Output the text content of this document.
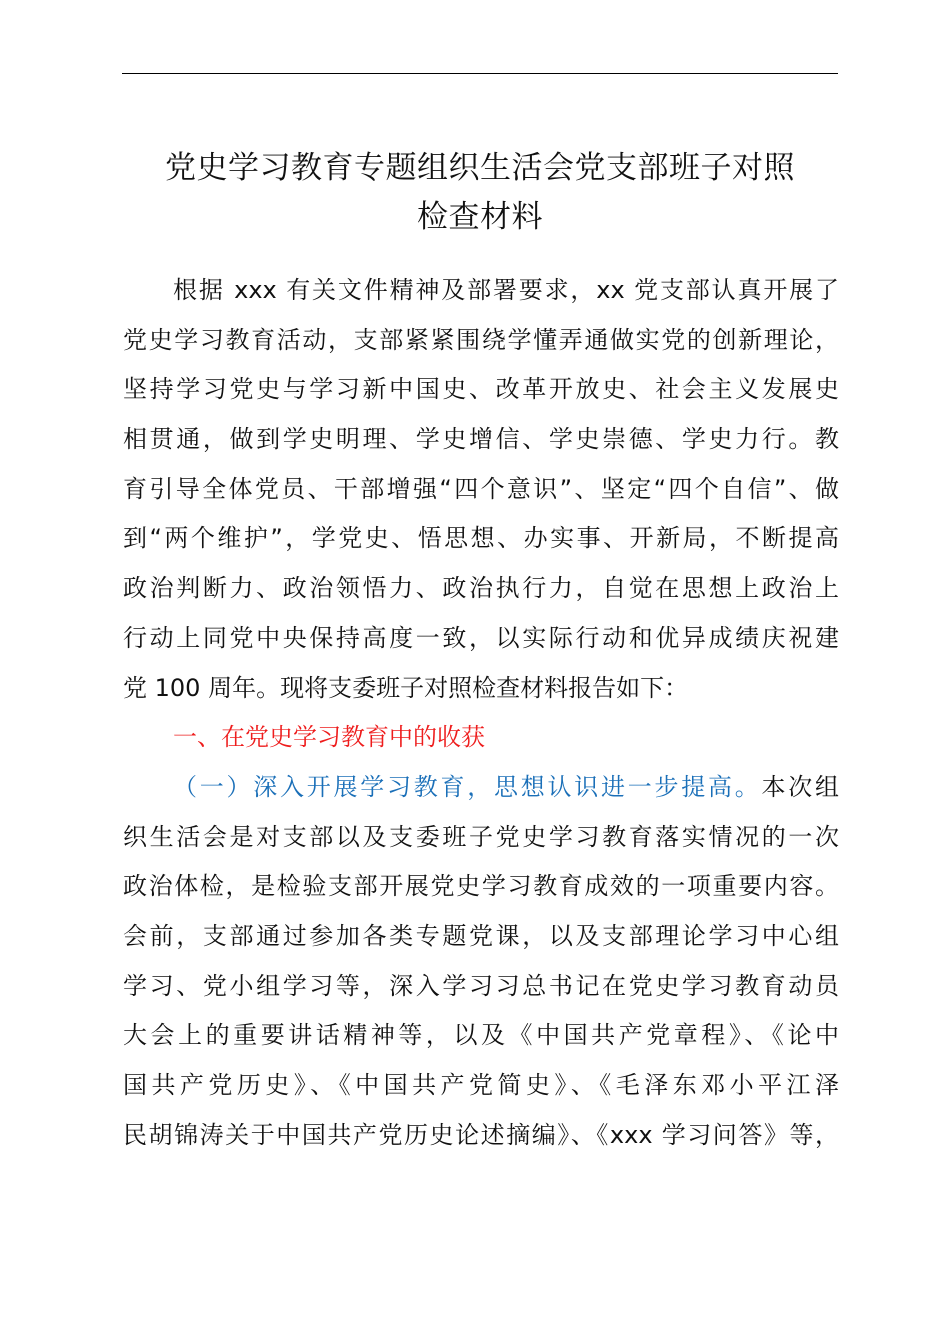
党史学习教育专题组织生活会党支部班子对照
检查材料
根据 xxx 有关文件精神及部署要求，xx 党支部认真开展了
党史学习教育活动，支部紧紧围绕学懂弄通做实党的创新理论，
坚持学习党史与学习新中国史、改革开放史、社会主义发展史
相贯通，做到学史明理、学史增信、学史崇德、学史力行。教
育引导全体党员、干部增强“四个意识”、坚定“四个自信”、做
到“两个维护”，学党史、悟思想、办实事、开新局，不断提高
政治判断力、政治领悟力、政治执行力，自觉在思想上政治上
行动上同党中央保持高度一致，以实际行动和优异成绩庆祝建
党 100 周年。现将支委班子对照检查材料报告如下：
一、在党史学习教育中的收获
（一）深入开展学习教育，思想认识进一步提高。本次组
织生活会是对支部以及支委班子党史学习教育落实情况的一次
政治体检，是检验支部开展党史学习教育成效的一项重要内容。
会前，支部通过参加各类专题党课，以及支部理论学习中心组
学习、党小组学习等，深入学习习总书记在党史学习教育动员
大会上的重要讲话精神等，以及《中国共产党章程》、《论中
国共产党历史》、《中国共产党简史》、《毛泽东邓小平江泽
民胡锦涛关于中国共产党历史论述摘编》、《xxx 学习问答》等，
